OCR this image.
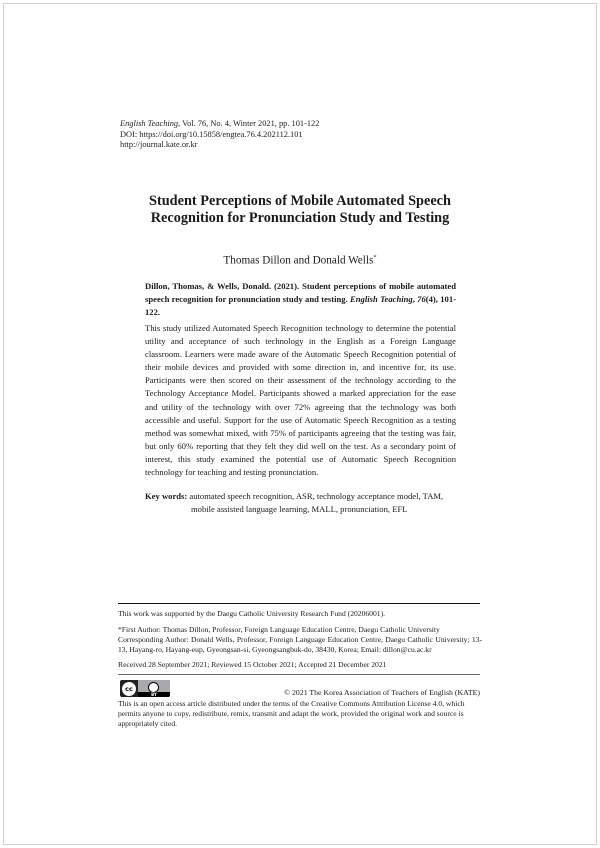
English Teaching, Vol. 76, No. 4, Winter 2021, pp. 101-122
DOI: https://doi.org/10.15858/engtea.76.4.202112.101
http://journal.kate.or.kr
Student Perceptions of Mobile Automated Speech
Recognition for Pronunciation Study and Testing
Thomas Dillon and Donald Wells*
Dillon, Thomas, & Wells, Donald. (2021). Student perceptions of mobile automated speech recognition for pronunciation study and testing. English Teaching, 76(4), 101-122.
This study utilized Automated Speech Recognition technology to determine the potential utility and acceptance of such technology in the English as a Foreign Language classroom. Learners were made aware of the Automatic Speech Recognition potential of their mobile devices and provided with some direction in, and incentive for, its use. Participants were then scored on their assessment of the technology according to the Technology Acceptance Model. Participants showed a marked appreciation for the ease and utility of the technology with over 72% agreeing that the technology was both accessible and useful. Support for the use of Automatic Speech Recognition as a testing method was somewhat mixed, with 75% of participants agreeing that the testing was fair, but only 60% reporting that they felt they did well on the test. As a secondary point of interest, this study examined the potential use of Automatic Speech Recognition technology for teaching and testing pronunciation.
Key words: automated speech recognition, ASR, technology acceptance model, TAM,
mobile assisted language learning, MALL, pronunciation, EFL

This work was supported by the Daegu Catholic University Research Fund (20206001).

*First Author: Thomas Dillon, Professor, Foreign Language Education Centre, Daegu Catholic University

Corresponding Author: Donald Wells, Professor, Foreign Language Education Centre, Daegu Catholic University; 13-13, Hayang-ro, Hayang-eup, Gyeongsan-si, Gyeongsangbuk-do, 38430, Korea; Email: dillon@cu.ac.kr

Received 28 September 2021; Reviewed 15 October 2021; Accepted 21 December 2021

cc
BY	© 2021 The Korea Association of Teachers of English (KATE)
This is an open access article distributed under the terms of the Creative Commons Attribution License 4.0, which permits anyone to copy, redistribute, remix, transmit and adapt the work, provided the original work and source is appropriately cited.
